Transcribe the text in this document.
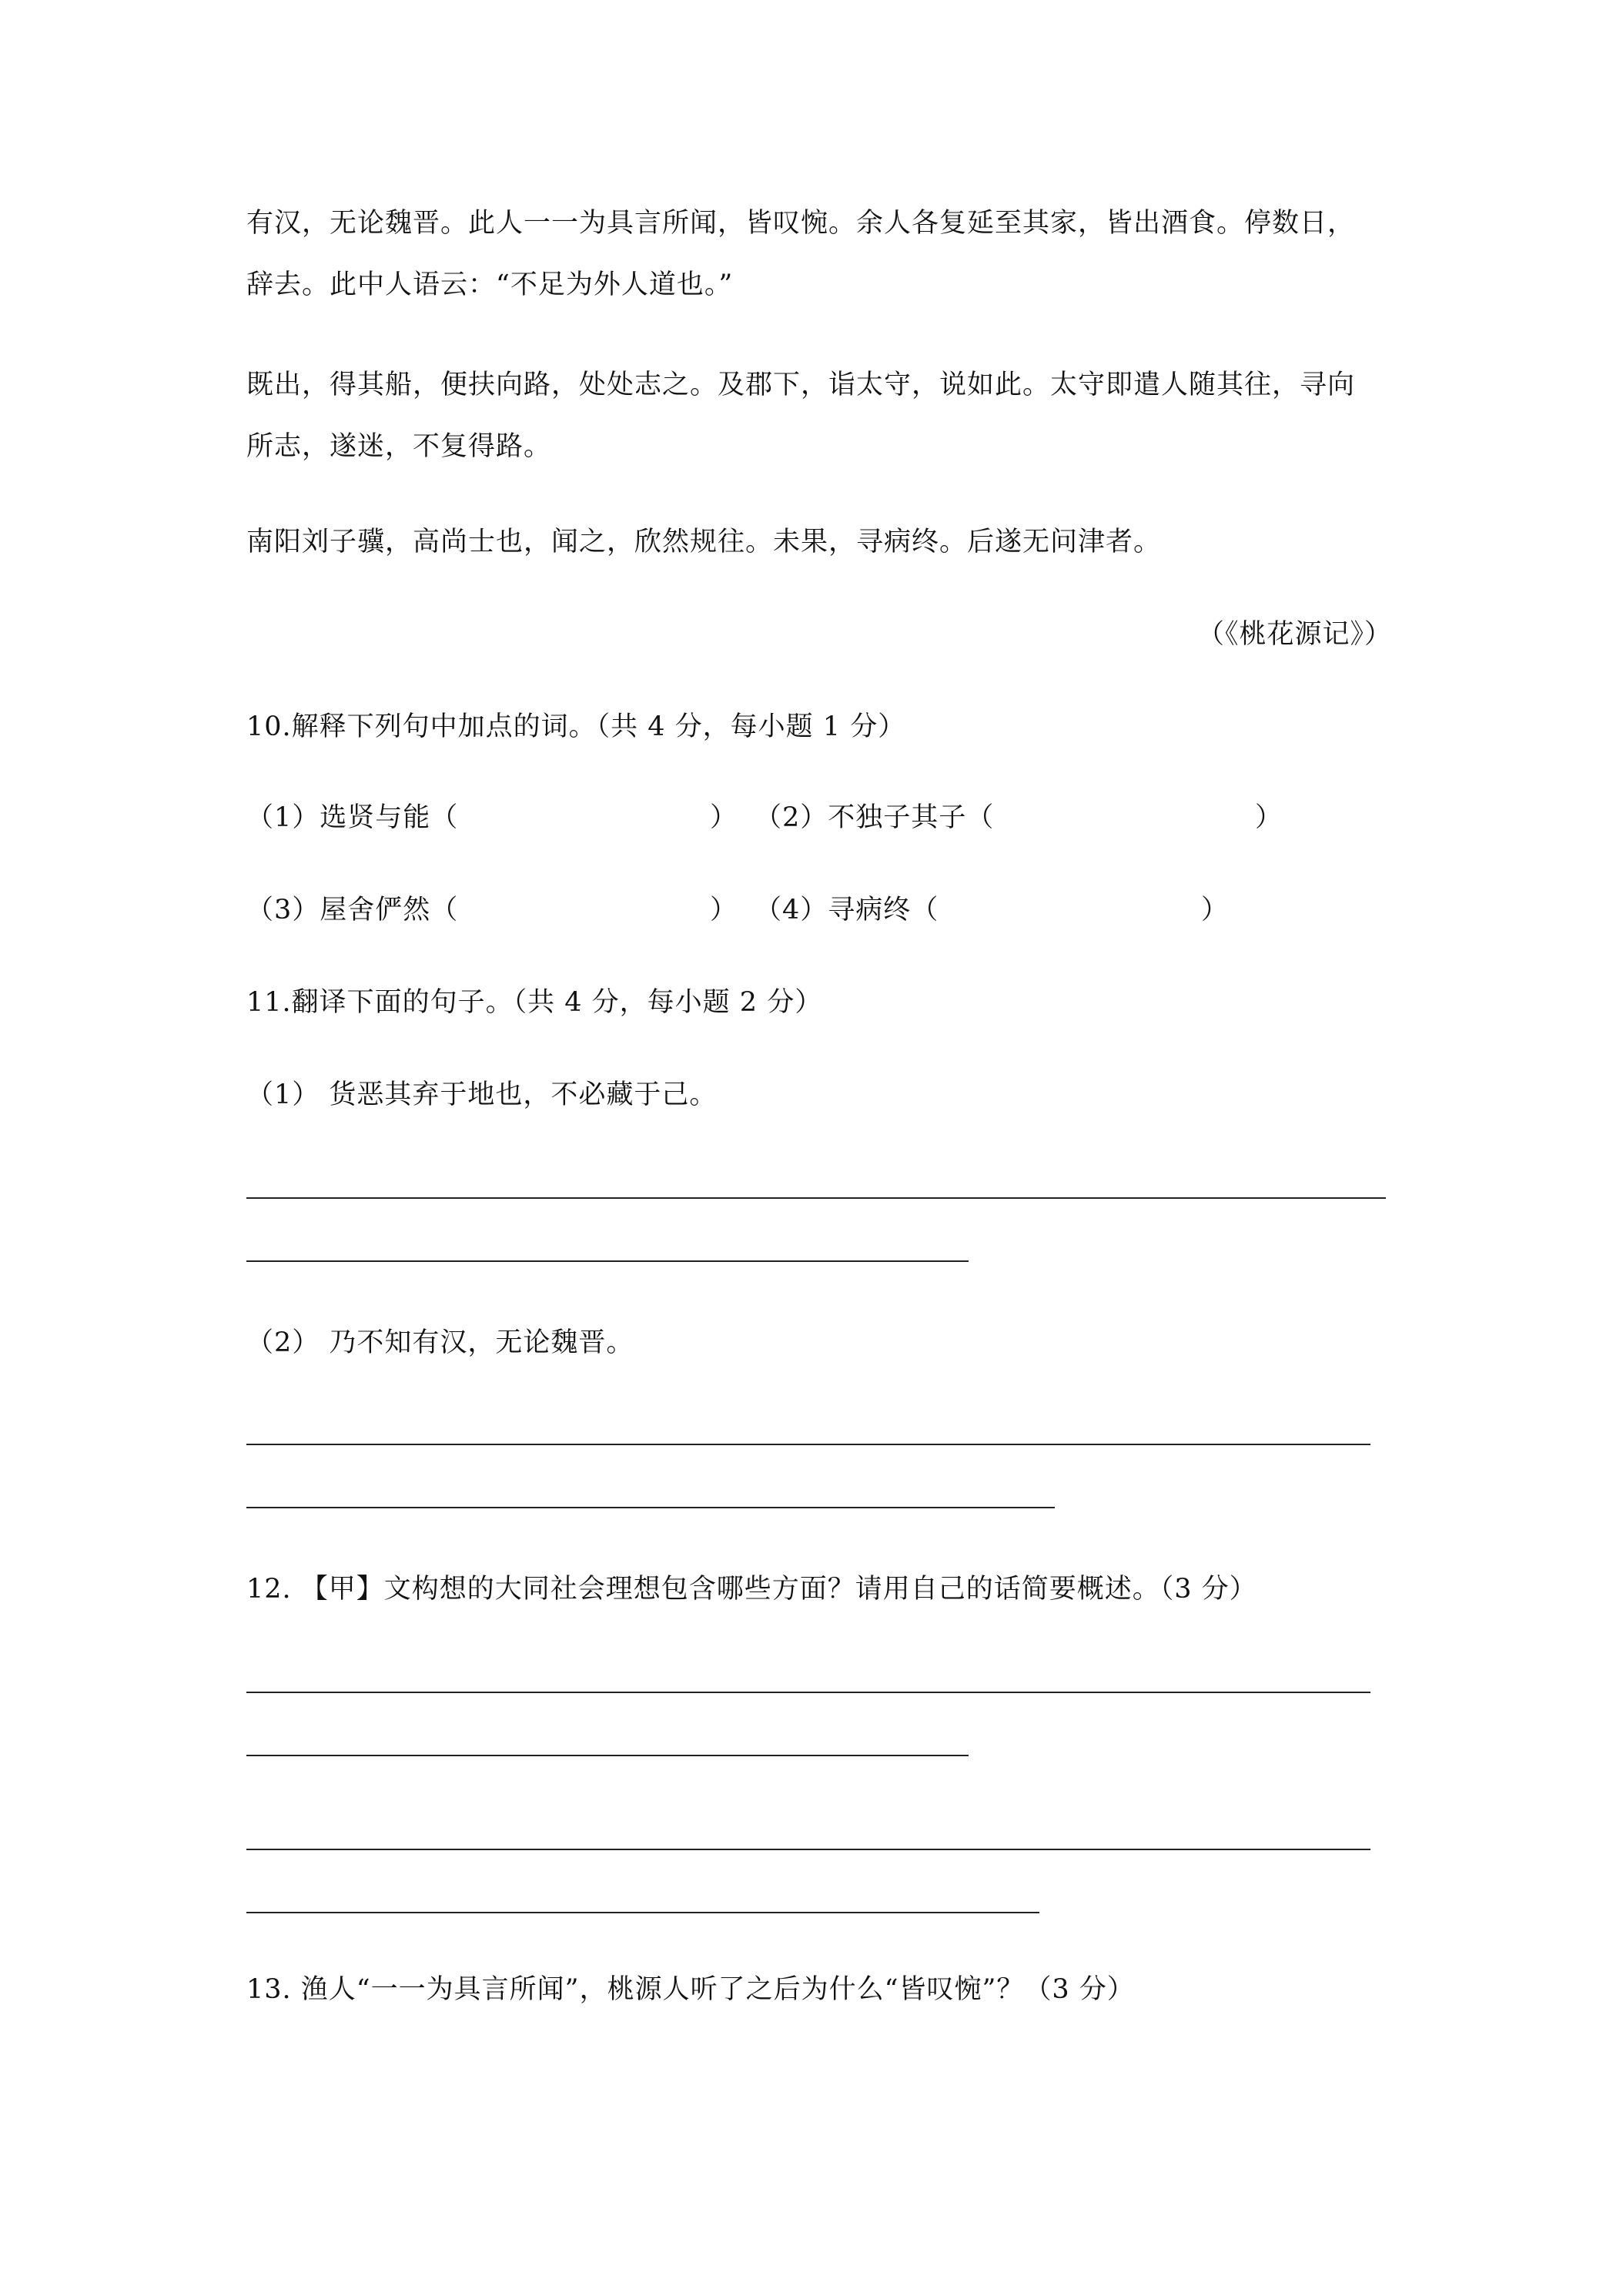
有汉，无论魏晋。此人一一为具言所闻，皆叹惋。余人各复延至其家，皆出酒食。停数日，
辞去。此中人语云：“不足为外人道也。”
既出，得其船，便扶向路，处处志之。及郡下，诣太守，说如此。太守即遣人随其往，寻向
所志，遂迷，不复得路。
南阳刘子骥，高尚士也，闻之，欣然规往。未果，寻病终。后遂无问津者。
（《桃花源记》）
10.解释下列句中加点的词。（共 4 分，每小题 1 分）
（1）选贤与能（	） （2）不独子其子（	）
（3）屋舍俨然（	） （4）寻病终（	）
11.翻译下面的句子。（共 4 分，每小题 2 分）
（1） 货恶其弃于地也，不必藏于己。
（2） 乃不知有汉，无论魏晋。
12. 【甲】文构想的大同社会理想包含哪些方面？请用自己的话简要概述。（3 分）
13. 渔人“一一为具言所闻”，桃源人听了之后为什么“皆叹惋”？（3 分）
